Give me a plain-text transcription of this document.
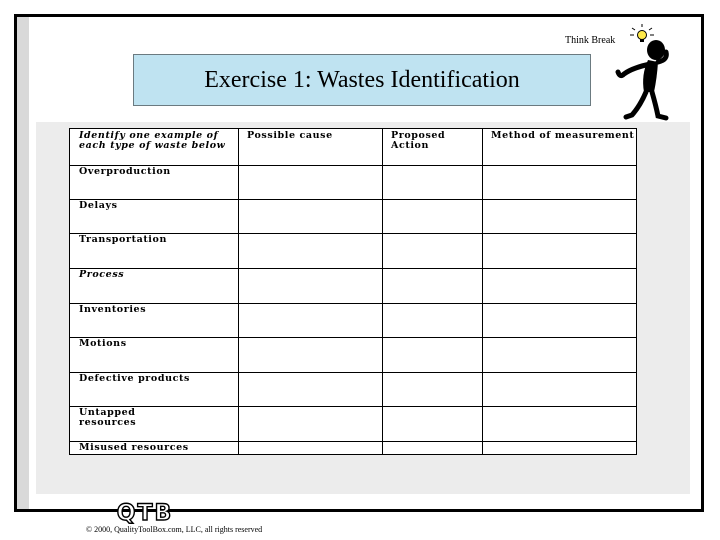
Think Break
Exercise 1: Wastes Identification
Identify one example of each type of waste below
Possible cause	Proposed Action
Method of measurement
Overproduction
Delays
Transportation
Process
Inventories
Motions
Defective products
Untapped resources
Misused resources
QTB
© 2000, QualityToolBox.com, LLC, all rights reserved
